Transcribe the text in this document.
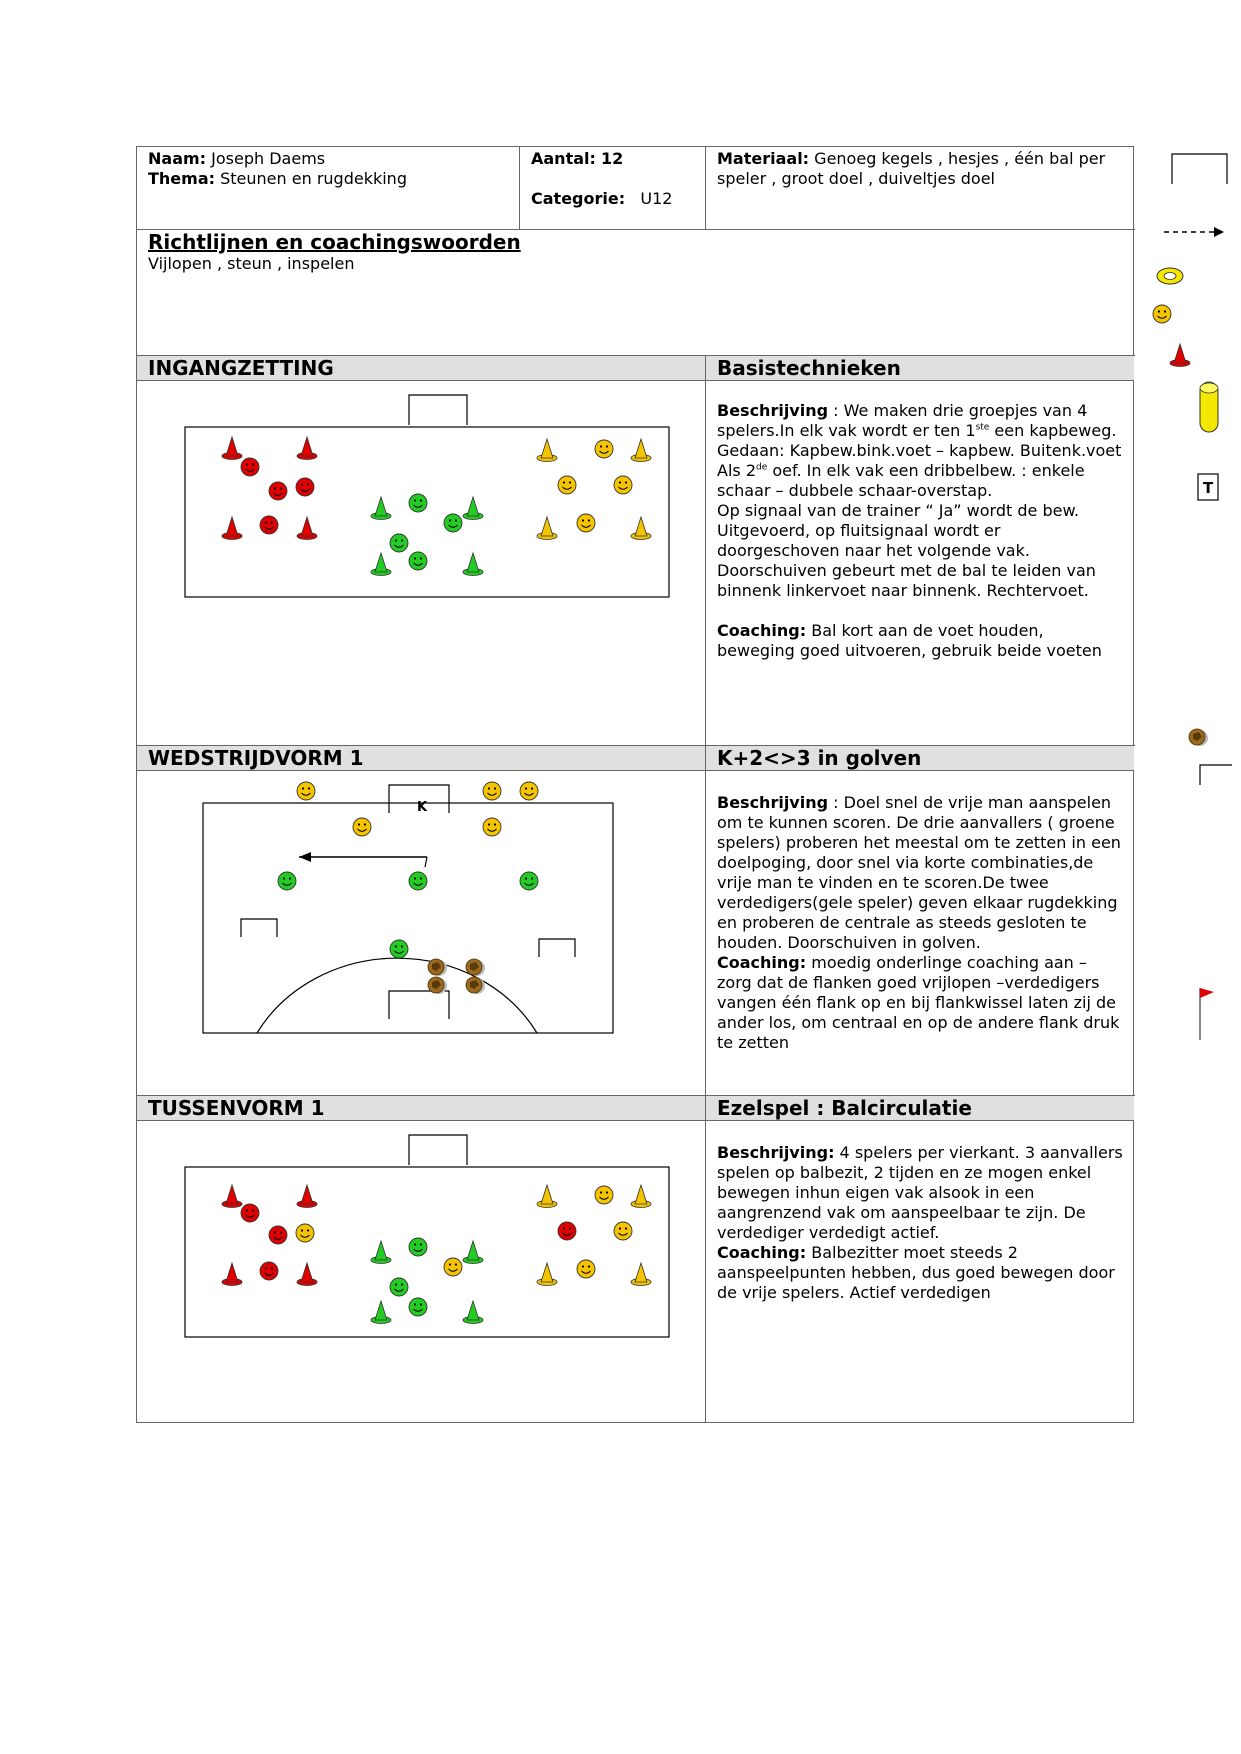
Naam: Joseph Daems
Thema: Steunen en rugdekking
Aantal: 12
Categorie: U12
Materiaal: Genoeg kegels , hesjes , één bal per speler , groot doel , duiveltjes doel
Richtlijnen en coachingswoorden
Vijlopen , steun , inspelen
INGANGZETTING	Basistechnieken
Beschrijving : We maken drie groepjes van 4 spelers.In elk vak wordt er ten 1ste een kapbeweg. Gedaan: Kapbew.bink.voet – kapbew. Buitenk.voet
Als 2de oef. In elk vak een dribbelbew. : enkele schaar – dubbele schaar-overstap.
Op signaal van de trainer “ Ja” wordt de bew. Uitgevoerd, op fluitsignaal wordt er doorgeschoven naar het volgende vak.
Doorschuiven gebeurt met de bal te leiden van binnenk linkervoet naar binnenk. Rechtervoet.
Coaching: Bal kort aan de voet houden, beweging goed uitvoeren, gebruik beide voeten
WEDSTRIJDVORM 1	K+2<>3 in golven
Beschrijving : Doel snel de vrije man aanspelen om te kunnen scoren. De drie aanvallers ( groene spelers) proberen het meestal om te zetten in een doelpoging, door snel via korte combinaties,de vrije man te vinden en te scoren.De twee verdedigers(gele speler) geven elkaar rugdekking en proberen de centrale as steeds gesloten te houden. Doorschuiven in golven.
Coaching: moedig onderlinge coaching aan – zorg dat de flanken goed vrijlopen –verdedigers vangen één flank op en bij flankwissel laten zij de ander los, om centraal en op de andere flank druk te zetten
TUSSENVORM 1	Ezelspel : Balcirculatie
Beschrijving: 4 spelers per vierkant. 3 aanvallers spelen op balbezit, 2 tijden en ze mogen enkel bewegen inhun eigen vak alsook in een aangrenzend vak om aanspeelbaar te zijn. De verdediger verdedigt actief.
Coaching: Balbezitter moet steeds 2 aanspeelpunten hebben, dus goed bewegen door de vrije spelers. Actief verdedigen
K
T
